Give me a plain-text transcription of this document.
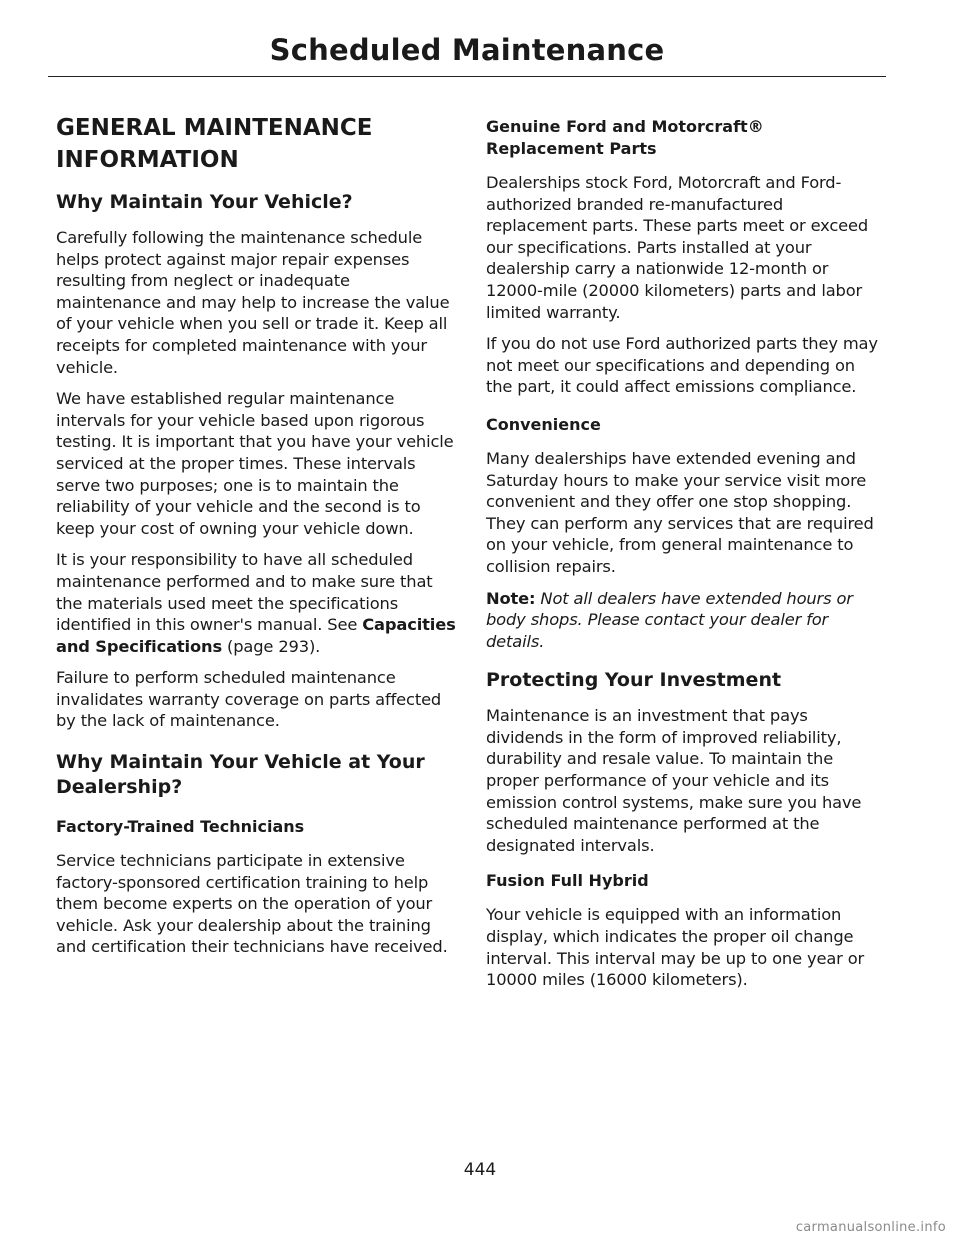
Scheduled Maintenance
GENERAL MAINTENANCE
INFORMATION
Why Maintain Your Vehicle?

Carefully following the maintenance schedule helps protect against major repair expenses resulting from neglect or inadequate maintenance and may help to increase the value of your vehicle when you sell or trade it. Keep all receipts for completed maintenance with your vehicle.

We have established regular maintenance intervals for your vehicle based upon rigorous testing. It is important that you have your vehicle serviced at the proper times. These intervals serve two purposes; one is to maintain the reliability of your vehicle and the second is to keep your cost of owning your vehicle down.

It is your responsibility to have all scheduled maintenance performed and to make sure that the materials used meet the specifications identified in this owner's manual. See Capacities and Specifications (page 293).

Failure to perform scheduled maintenance invalidates warranty coverage on parts affected by the lack of maintenance.

Why Maintain Your Vehicle at Your Dealership?
Factory-Trained Technicians

Service technicians participate in extensive factory-sponsored certification training to help them become experts on the operation of your vehicle. Ask your dealership about the training and certification their technicians have received.

Genuine Ford and Motorcraft® Replacement Parts

Dealerships stock Ford, Motorcraft and Ford-authorized branded re-manufactured replacement parts. These parts meet or exceed our specifications. Parts installed at your dealership carry a nationwide 12-month or 12000-mile (20000 kilometers) parts and labor limited warranty.

If you do not use Ford authorized parts they may not meet our specifications and depending on the part, it could affect emissions compliance.

Convenience

Many dealerships have extended evening and Saturday hours to make your service visit more convenient and they offer one stop shopping. They can perform any services that are required on your vehicle, from general maintenance to collision repairs.

Note: Not all dealers have extended hours or body shops. Please contact your dealer for details.

Protecting Your Investment

Maintenance is an investment that pays dividends in the form of improved reliability, durability and resale value. To maintain the proper performance of your vehicle and its emission control systems, make sure you have scheduled maintenance performed at the designated intervals.

Fusion Full Hybrid

Your vehicle is equipped with an information display, which indicates the proper oil change interval. This interval may be up to one year or 10000 miles (16000 kilometers).

444
carmanualsonline.info
